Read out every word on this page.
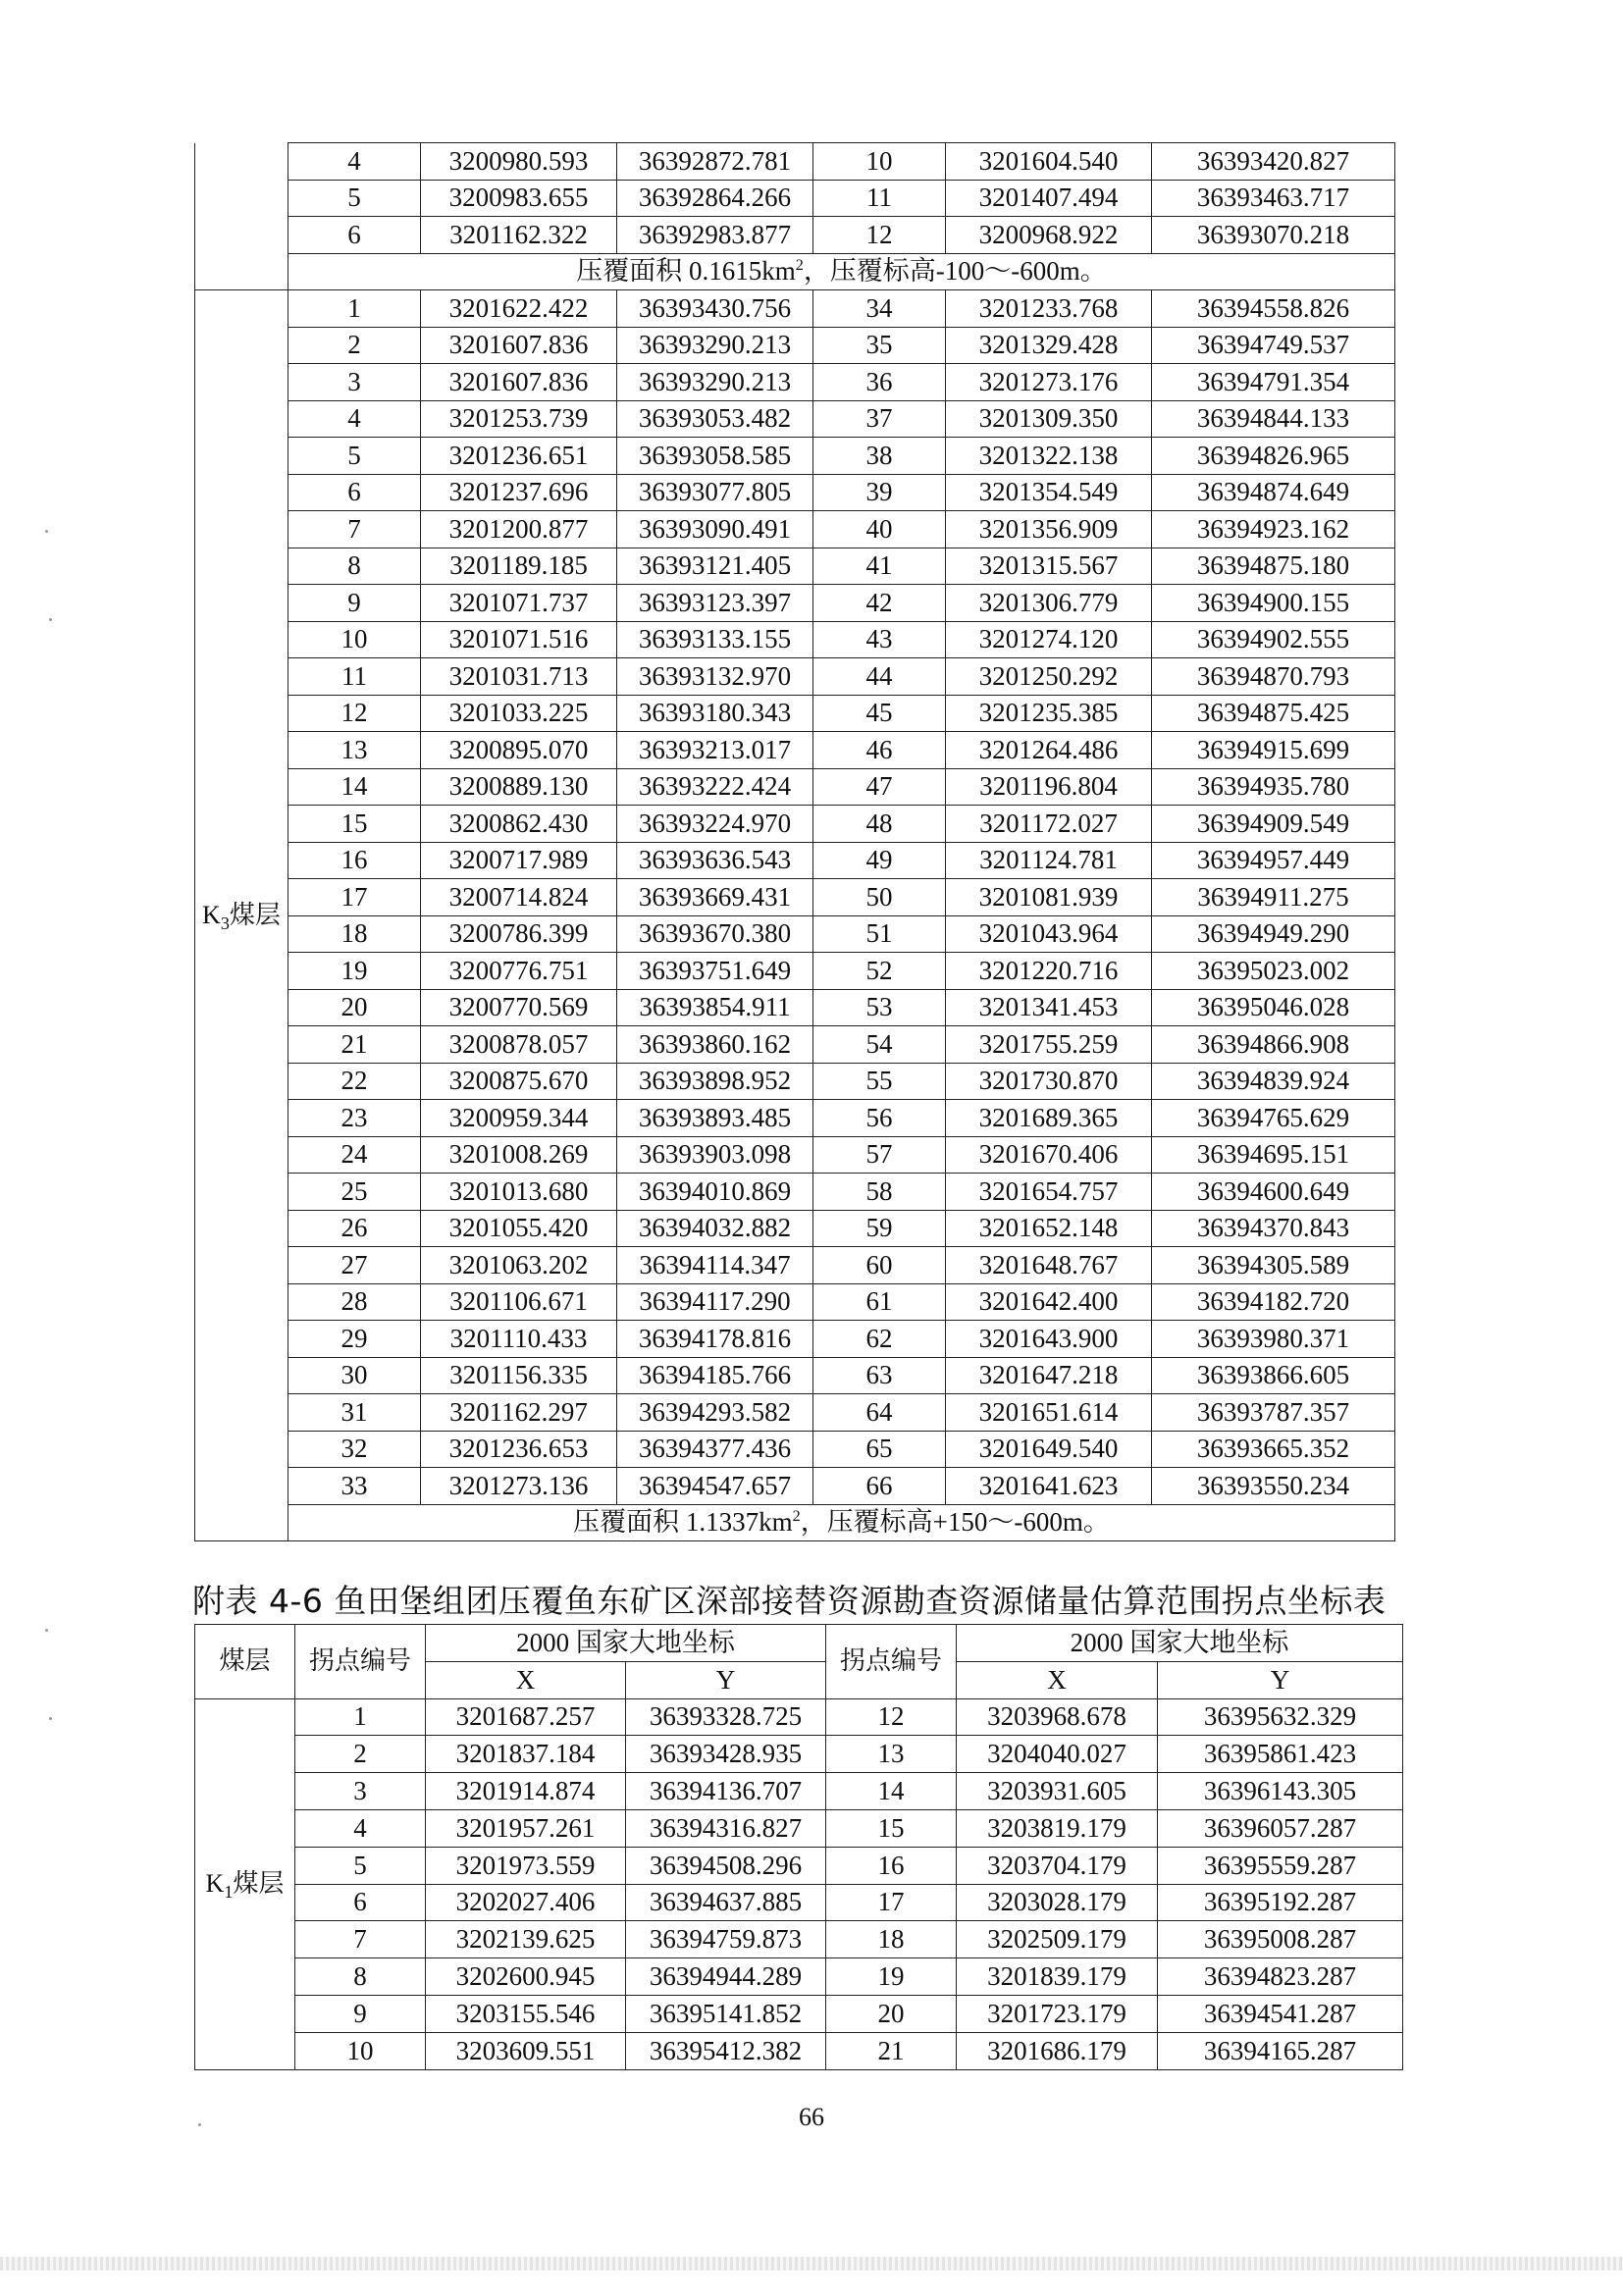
	4	3200980.593	36392872.781	10	3201604.540	36393420.827
	5	3200983.655	36392864.266	11	3201407.494	36393463.717
	6	3201162.322	36392983.877	12	3200968.922	36393070.218
	压覆面积 $0.1615km^2$，压覆标高-100～-600m。					
$K_3$煤层	1	3201622.422	36393430.756	34	3201233.768	36394558.826
	2	3201607.836	36393290.213	35	3201329.428	36394749.537
	3	3201607.836	36393290.213	36	3201273.176	36394791.354
	4	3201253.739	36393053.482	37	3201309.350	36394844.133
	5	3201236.651	36393058.585	38	3201322.138	36394826.965
	6	3201237.696	36393077.805	39	3201354.549	36394874.649
	7	3201200.877	36393090.491	40	3201356.909	36394923.162
	8	3201189.185	36393121.405	41	3201315.567	36394875.180
	9	3201071.737	36393123.397	42	3201306.779	36394900.155
	10	3201071.516	36393133.155	43	3201274.120	36394902.555
	11	3201031.713	36393132.970	44	3201250.292	36394870.793
	12	3201033.225	36393180.343	45	3201235.385	36394875.425
	13	3200895.070	36393213.017	46	3201264.486	36394915.699
	14	3200889.130	36393222.424	47	3201196.804	36394935.780
	15	3200862.430	36393224.970	48	3201172.027	36394909.549
	16	3200717.989	36393636.543	49	3201124.781	36394957.449
	17	3200714.824	36393669.431	50	3201081.939	36394911.275
	18	3200786.399	36393670.380	51	3201043.964	36394949.290
	19	3200776.751	36393751.649	52	3201220.716	36395023.002
	20	3200770.569	36393854.911	53	3201341.453	36395046.028
	21	3200878.057	36393860.162	54	3201755.259	36394866.908
	22	3200875.670	36393898.952	55	3201730.870	36394839.924
	23	3200959.344	36393893.485	56	3201689.365	36394765.629
	24	3201008.269	36393903.098	57	3201670.406	36394695.151
	25	3201013.680	36394010.869	58	3201654.757	36394600.649
	26	3201055.420	36394032.882	59	3201652.148	36394370.843
	27	3201063.202	36394114.347	60	3201648.767	36394305.589
	28	3201106.671	36394117.290	61	3201642.400	36394182.720
	29	3201110.433	36394178.816	62	3201643.900	36393980.371
	30	3201156.335	36394185.766	63	3201647.218	36393866.605
	31	3201162.297	36394293.582	64	3201651.614	36393787.357
	32	3201236.653	36394377.436	65	3201649.540	36393665.352
	33	3201273.136	36394547.657	66	3201641.623	36393550.234
	压覆面积 $1.1337km^2$，压覆标高+150～-600m。					
附表 4-6 鱼田堡组团压覆鱼东矿区深部接替资源勘查资源储量估算范围拐点坐标表
煤层	拐点编号	2000 国家大地坐标		拐点编号	2000 国家大地坐标	
		X	Y		X	Y
$K_1$煤层	1	3201687.257	36393328.725	12	3203968.678	36395632.329
	2	3201837.184	36393428.935	13	3204040.027	36395861.423
	3	3201914.874	36394136.707	14	3203931.605	36396143.305
	4	3201957.261	36394316.827	15	3203819.179	36396057.287
	5	3201973.559	36394508.296	16	3203704.179	36395559.287
	6	3202027.406	36394637.885	17	3203028.179	36395192.287
	7	3202139.625	36394759.873	18	3202509.179	36395008.287
	8	3202600.945	36394944.289	19	3201839.179	36394823.287
	9	3203155.546	36395141.852	20	3201723.179	36394541.287
	10	3203609.551	36395412.382	21	3201686.179	36394165.287
66
